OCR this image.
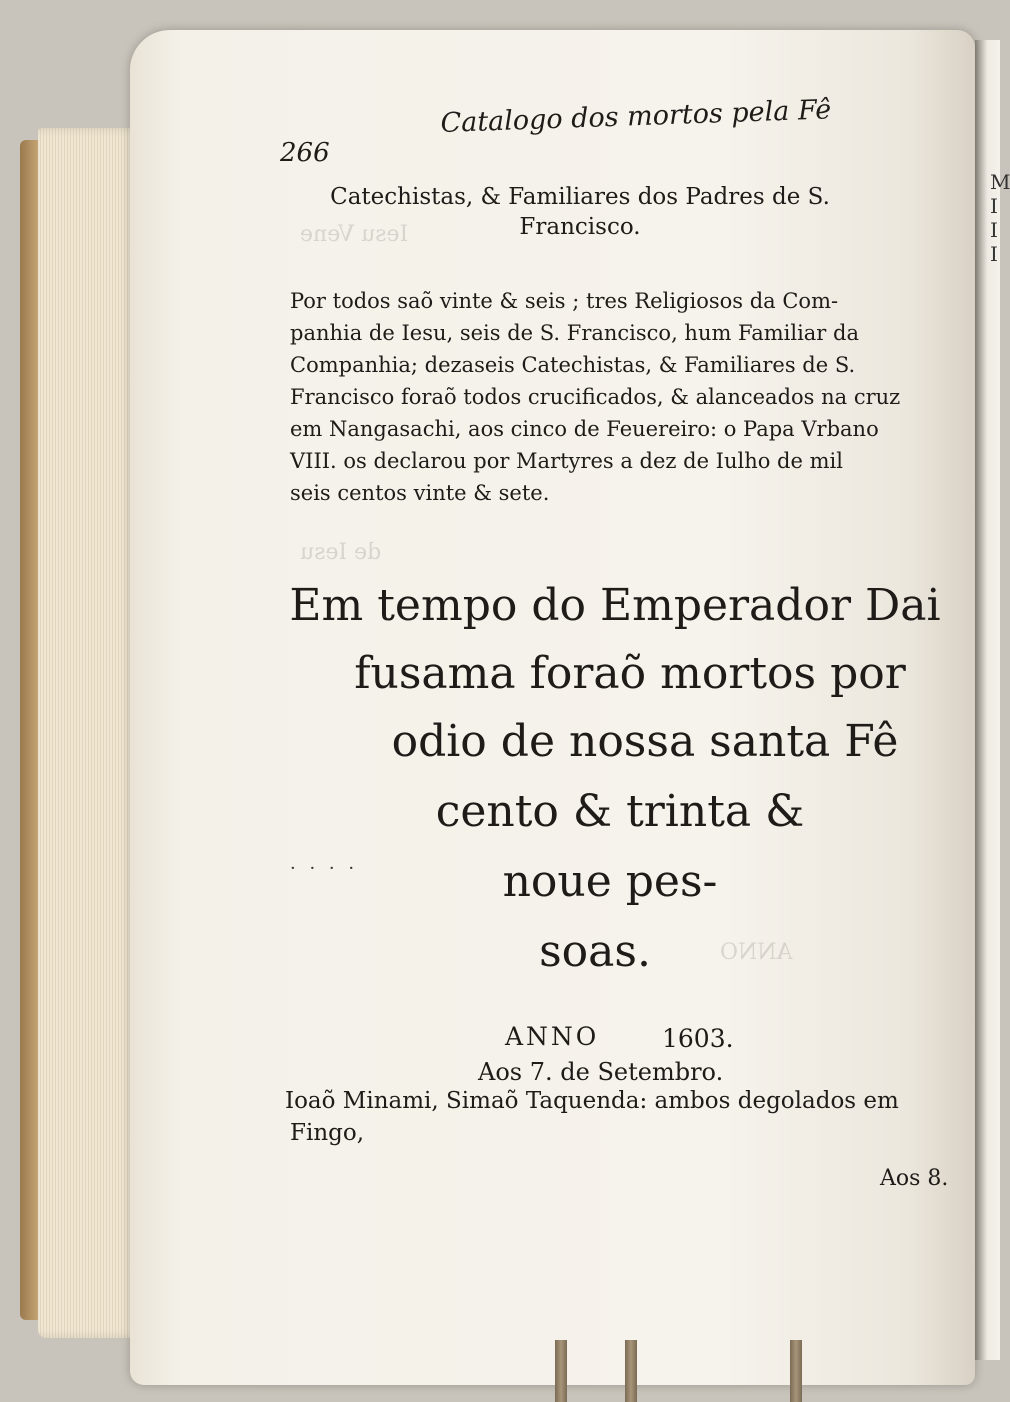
M
I
I
I
Iesu Vene
de Iesu
ANNO
266
Catalogo dos mortos pela Fê
Catechistas, & Familiares dos Padres de S. Francisco.
Por todos saõ vinte & seis ; tres Religiosos da Com-
panhia de Iesu, seis de S. Francisco, hum Familiar da
Companhia; dezaseis Catechistas, & Familiares de S.
Francisco foraõ todos crucificados, & alanceados na cruz
em Nangasachi, aos cinco de Feuereiro: o Papa Vrbano
VIII. os declarou por Martyres a dez de Iulho de mil
seis centos vinte & sete.
Em tempo do Emperador Dai
fusama foraõ mortos por
odio de nossa santa Fê
cento & trinta &
noue pes-
soas.
· · · ·
ANNO	1603.
Aos 7. de Setembro.
Ioaõ Minami, Simaõ Taquenda: ambos degolados em
Fingo,
Aos 8.
